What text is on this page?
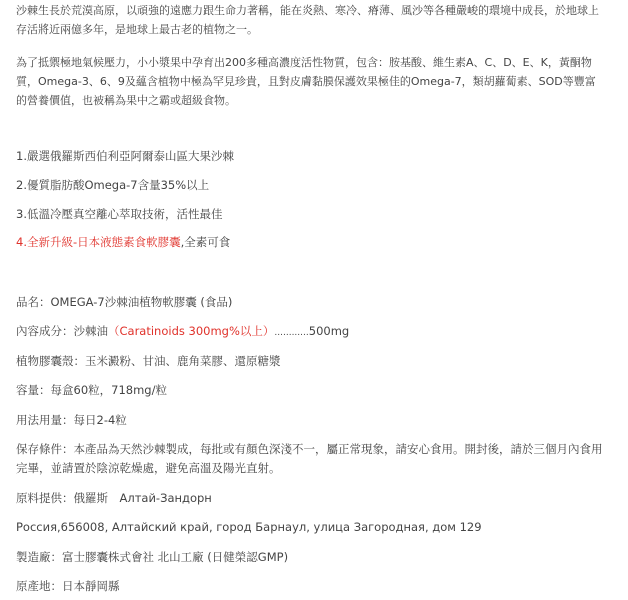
沙棘生長於荒漠高原，以頑強的遠應力跟生命力著稱，能在炎熱、寒冷、瘠薄、風沙等各種嚴峻的環境中成長，於地球上存活將近兩億多年，是地球上最古老的植物之一。

為了抵禦極地氣候壓力，小小漿果中孕育出200多種高濃度活性物質，包含：胺基酸、維生素A、C、D、E、K，黃酮物質，Omega-3、6、9及蘊含植物中極為罕見珍貴，且對皮膚黏膜保護效果極佳的Omega-7，類胡蘿蔔素、SOD等豐富的營養價值，也被稱為果中之霸或超級食物。

1.嚴選俄羅斯西伯利亞阿爾泰山區大果沙棘
2.優質脂肪酸Omega-7含量35%以上
3.低溫冷壓真空離心萃取技術，活性最佳
4.全新升級-日本液態素食軟膠囊,全素可食
品名：OMEGA-7沙棘油植物軟膠囊 (食品)
內容成分：沙棘油（Caratinoids 300mg%以上）............500mg
植物膠囊殼：玉米澱粉、甘油、鹿角菜膠、還原糖漿
容量：每盒60粒，718mg/粒
用法用量：每日2-4粒
保存條件：本產品為天然沙棘製成，每批或有顏色深淺不一，屬正常現象，請安心食用。開封後，請於三個月內食用完畢，並請置於陰涼乾燥處，避免高溫及陽光直射。
原料提供：俄羅斯　Алтай-Зандорн
Россия,656008, Алтайский край, город Барнаул, улица Загородная, дом 129
製造廠：富士膠囊株式會社 北山工廠 (日健榮認GMP)
原產地：日本靜岡縣
